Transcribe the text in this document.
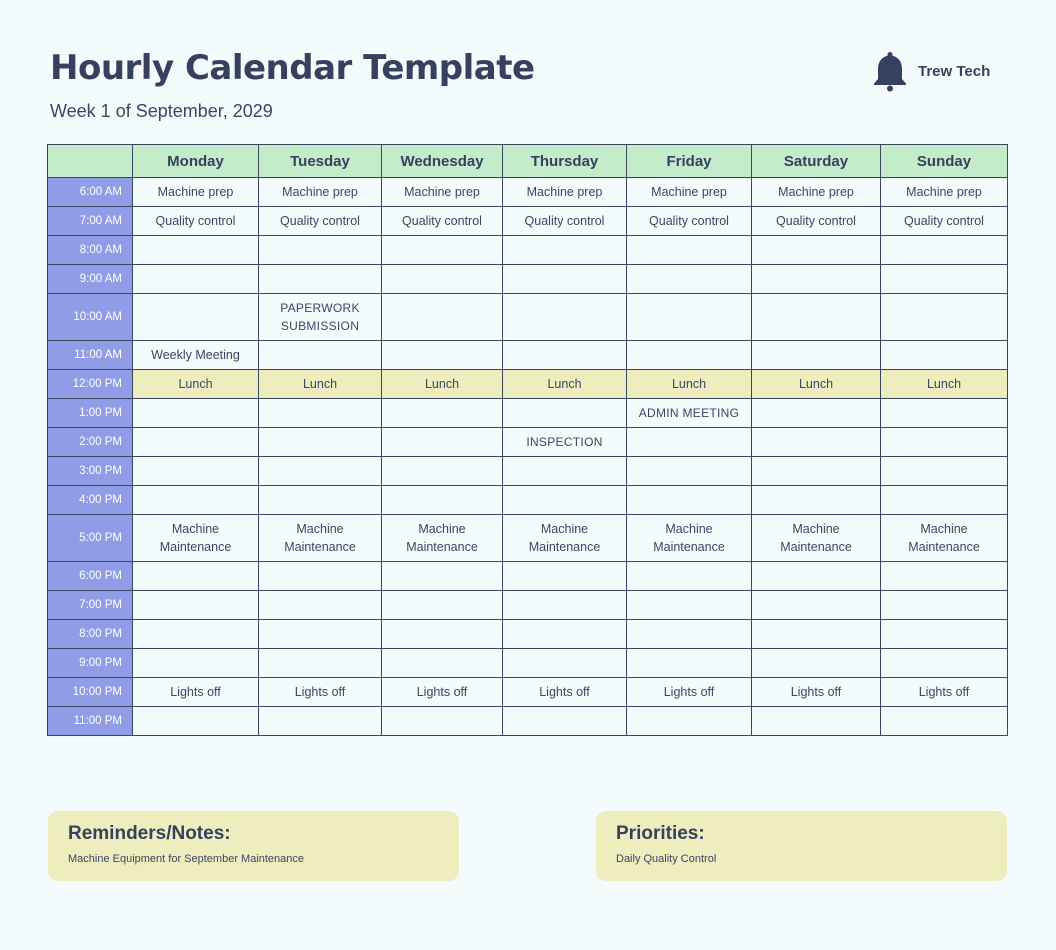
Hourly Calendar Template
Week 1 of September, 2029
Trew Tech
	Monday	Tuesday	Wednesday	Thursday	Friday	Saturday	Sunday
6:00 AM	Machine prep	Machine prep	Machine prep	Machine prep	Machine prep	Machine prep	Machine prep
7:00 AM	Quality control	Quality control	Quality control	Quality control	Quality control	Quality control	Quality control
8:00 AM							
9:00 AM							
10:00 AM		PAPERWORK SUBMISSION					
11:00 AM	Weekly Meeting						
12:00 PM	Lunch	Lunch	Lunch	Lunch	Lunch	Lunch	Lunch
1:00 PM					ADMIN MEETING		
2:00 PM				INSPECTION			
3:00 PM							
4:00 PM							
5:00 PM	Machine Maintenance	Machine Maintenance	Machine Maintenance	Machine Maintenance	Machine Maintenance	Machine Maintenance	Machine Maintenance
6:00 PM							
7:00 PM							
8:00 PM							
9:00 PM							
10:00 PM	Lights off	Lights off	Lights off	Lights off	Lights off	Lights off	Lights off
11:00 PM							
Reminders/Notes:
Machine Equipment for September Maintenance
Priorities:
Daily Quality Control
